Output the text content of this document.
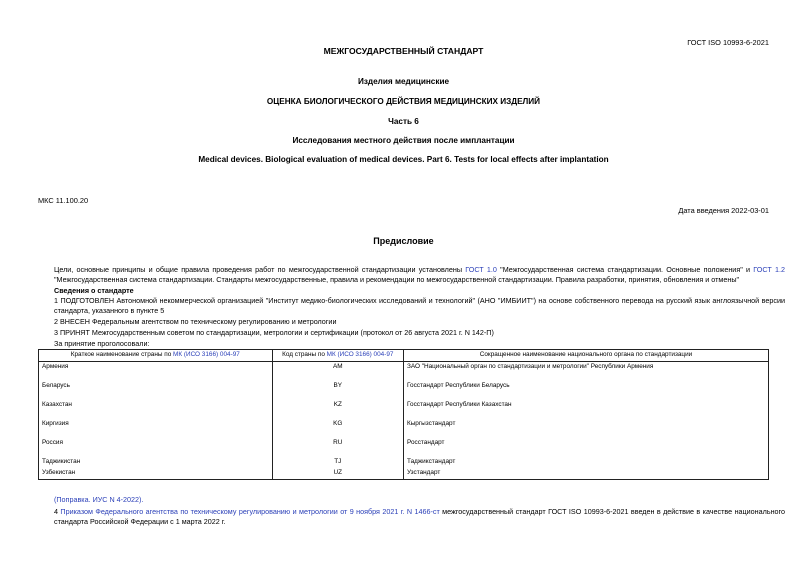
ГОСТ ISO 10993-6-2021
МЕЖГОСУДАРСТВЕННЫЙ СТАНДАРТ
Изделия медицинские
ОЦЕНКА БИОЛОГИЧЕСКОГО ДЕЙСТВИЯ МЕДИЦИНСКИХ ИЗДЕЛИЙ
Часть 6
Исследования местного действия после имплантации
Medical devices. Biological evaluation of medical devices. Part 6. Tests for local effects after implantation
МКС 11.100.20
Дата введения 2022-03-01
Предисловие
Цели, основные принципы и общие правила проведения работ по межгосударственной стандартизации установлены ГОСТ 1.0 "Межгосударственная система стандартизации. Основные положения" и ГОСТ 1.2 "Межгосударственная система стандартизации. Стандарты межгосударственные, правила и рекомендации по межгосударственной стандартизации. Правила разработки, принятия, обновления и отмены"
Сведения о стандарте
1 ПОДГОТОВЛЕН Автономной некоммерческой организацией "Институт медико-биологических исследований и технологий" (АНО "ИМБИИТ") на основе собственного перевода на русский язык англоязычной версии стандарта, указанного в пункте 5
2 ВНЕСЕН Федеральным агентством по техническому регулированию и метрологии
3 ПРИНЯТ Межгосударственным советом по стандартизации, метрологии и сертификации (протокол от 26 августа 2021 г. N 142-П)
За принятие проголосовали:
Краткое наименование страны по МК (ИСО 3166) 004-97	Код страны по МК (ИСО 3166) 004-97	Сокращенное наименование национального органа по стандартизации
Армения	AM	ЗАО "Национальный орган по стандартизации и метрологии" Республики Армения
Беларусь	BY	Госстандарт Республики Беларусь
Казахстан	KZ	Госстандарт Республики Казахстан
Киргизия	KG	Кыргызстандарт
Россия	RU	Росстандарт
Таджикистан	TJ	Таджикстандарт
Узбекистан	UZ	Узстандарт
(Поправка. ИУС N 4-2022).
4 Приказом Федерального агентства по техническому регулированию и метрологии от 9 ноября 2021 г. N 1466-ст межгосударственный стандарт ГОСТ ISO 10993-6-2021 введен в действие в качестве национального стандарта Российской Федерации с 1 марта 2022 г.
